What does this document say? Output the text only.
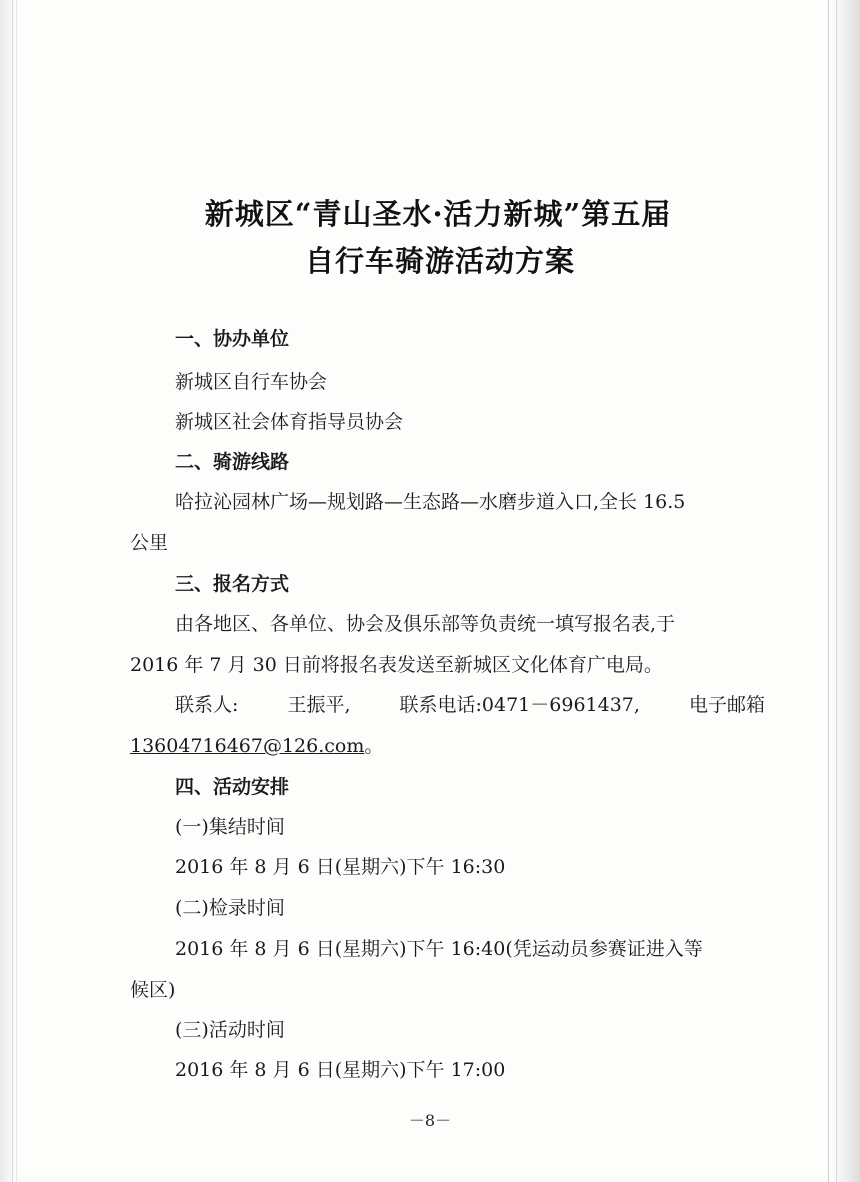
新城区“青山圣水·活力新城”第五届
自行车骑游活动方案
一、协办单位
新城区自行车协会
新城区社会体育指导员协会
二、骑游线路
哈拉沁园林广场—规划路—生态路—水磨步道入口,全长 16.5
公里
三、报名方式
由各地区、各单位、协会及俱乐部等负责统一填写报名表,于
2016 年 7 月 30 日前将报名表发送至新城区文化体育广电局。
联系人:	王振平,	联系电话:0471－6961437,	电子邮箱
13604716467@126.com。
四、活动安排
(一)集结时间
2016 年 8 月 6 日(星期六)下午 16:30
(二)检录时间
2016 年 8 月 6 日(星期六)下午 16:40(凭运动员参赛证进入等
候区)
(三)活动时间
2016 年 8 月 6 日(星期六)下午 17:00
－8－
